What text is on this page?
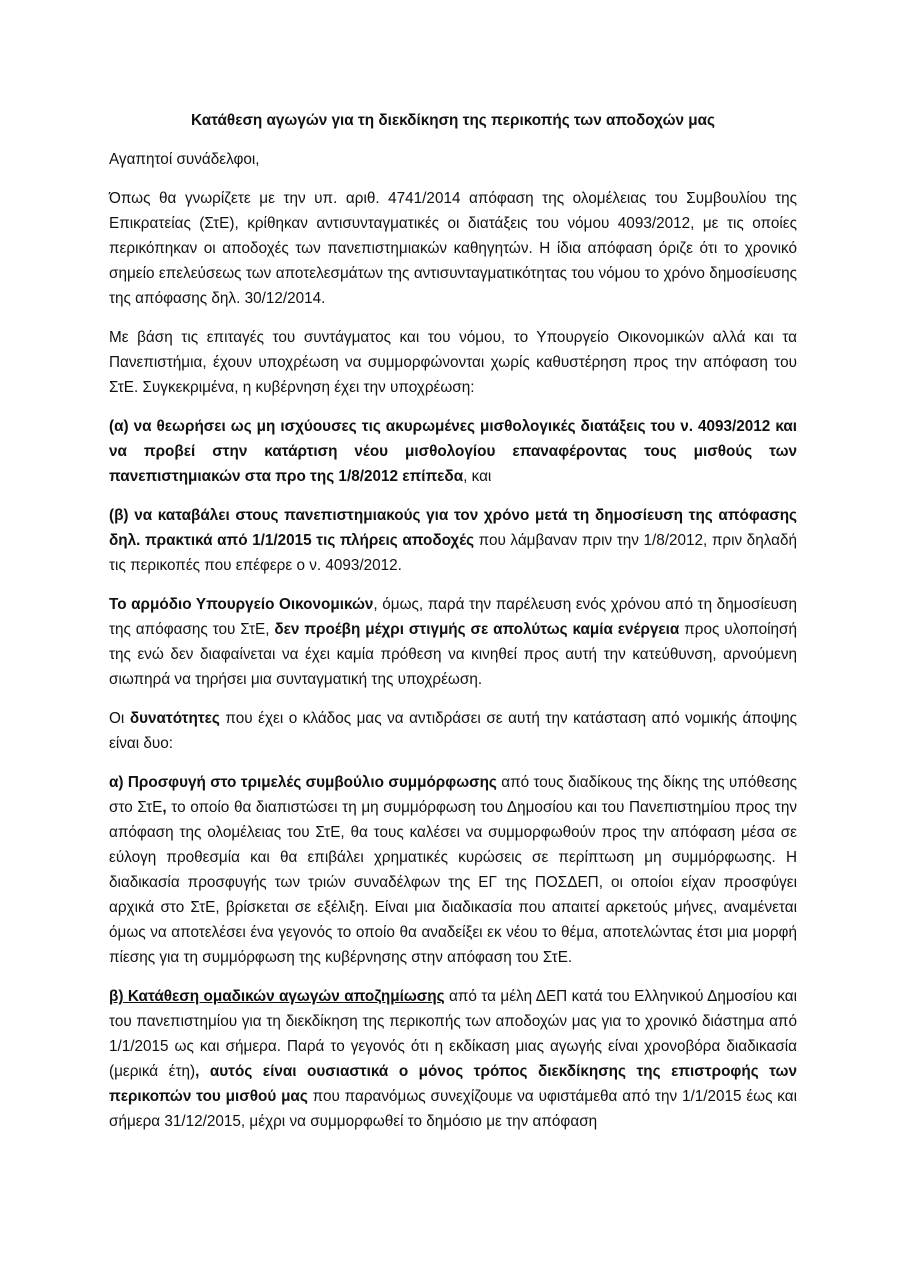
Κατάθεση αγωγών για τη διεκδίκηση της περικοπής των αποδοχών μας
Αγαπητοί συνάδελφοι,
Όπως θα γνωρίζετε με την υπ. αριθ. 4741/2014 απόφαση της ολομέλειας του Συμβουλίου της Επικρατείας (ΣτΕ), κρίθηκαν αντισυνταγματικές οι διατάξεις του νόμου 4093/2012, με τις οποίες περικόπηκαν οι αποδοχές των πανεπιστημιακών καθηγητών. Η ίδια απόφαση όριζε ότι το χρονικό σημείο επελεύσεως των αποτελεσμάτων της αντισυνταγματικότητας του νόμου το χρόνο δημοσίευσης της απόφασης δηλ. 30/12/2014.
Με βάση τις επιταγές του συντάγματος και του νόμου, το Υπουργείο Οικονομικών αλλά και τα Πανεπιστήμια, έχουν υποχρέωση να συμμορφώνονται χωρίς καθυστέρηση προς την απόφαση του ΣτΕ. Συγκεκριμένα, η κυβέρνηση έχει την υποχρέωση:
(α) να θεωρήσει ως μη ισχύουσες τις ακυρωμένες μισθολογικές διατάξεις του ν. 4093/2012 και να προβεί στην κατάρτιση νέου μισθολογίου επαναφέροντας τους μισθούς των πανεπιστημιακών στα προ της 1/8/2012 επίπεδα, και
(β) να καταβάλει στους πανεπιστημιακούς για τον χρόνο μετά τη δημοσίευση της απόφασης δηλ. πρακτικά από 1/1/2015 τις πλήρεις αποδοχές που λάμβαναν πριν την 1/8/2012, πριν δηλαδή τις περικοπές που επέφερε ο ν. 4093/2012.
Το αρμόδιο Υπουργείο Οικονομικών, όμως, παρά την παρέλευση ενός χρόνου από τη δημοσίευση της απόφασης του ΣτΕ, δεν προέβη μέχρι στιγμής σε απολύτως καμία ενέργεια προς υλοποίησή της ενώ δεν διαφαίνεται να έχει καμία πρόθεση να κινηθεί προς αυτή την κατεύθυνση, αρνούμενη σιωπηρά να τηρήσει μια συνταγματική της υποχρέωση.
Οι δυνατότητες που έχει ο κλάδος μας να αντιδράσει σε αυτή την κατάσταση από νομικής άποψης είναι δυο:
α) Προσφυγή στο τριμελές συμβούλιο συμμόρφωσης από τους διαδίκους της δίκης της υπόθεσης στο ΣτΕ, το οποίο θα διαπιστώσει τη μη συμμόρφωση του Δημοσίου και του Πανεπιστημίου προς την απόφαση της ολομέλειας του ΣτΕ, θα τους καλέσει να συμμορφωθούν προς την απόφαση μέσα σε εύλογη προθεσμία και θα επιβάλει χρηματικές κυρώσεις σε περίπτωση μη συμμόρφωσης. Η διαδικασία προσφυγής των τριών συναδέλφων της ΕΓ της ΠΟΣΔΕΠ, οι οποίοι είχαν προσφύγει αρχικά στο ΣτΕ, βρίσκεται σε εξέλιξη. Είναι μια διαδικασία που απαιτεί αρκετούς μήνες, αναμένεται όμως να αποτελέσει ένα γεγονός το οποίο θα αναδείξει εκ νέου το θέμα, αποτελώντας έτσι μια μορφή πίεσης για τη συμμόρφωση της κυβέρνησης στην απόφαση του ΣτΕ.
β) Κατάθεση ομαδικών αγωγών αποζημίωσης από τα μέλη ΔΕΠ κατά του Ελληνικού Δημοσίου και του πανεπιστημίου για τη διεκδίκηση της περικοπής των αποδοχών μας για το χρονικό διάστημα από 1/1/2015 ως και σήμερα. Παρά το γεγονός ότι η εκδίκαση μιας αγωγής είναι χρονοβόρα διαδικασία (μερικά έτη), αυτός είναι ουσιαστικά ο μόνος τρόπος διεκδίκησης της επιστροφής των περικοπών του μισθού μας που παρανόμως συνεχίζουμε να υφιστάμεθα από την 1/1/2015 έως και σήμερα 31/12/2015, μέχρι να συμμορφωθεί το δημόσιο με την απόφαση
